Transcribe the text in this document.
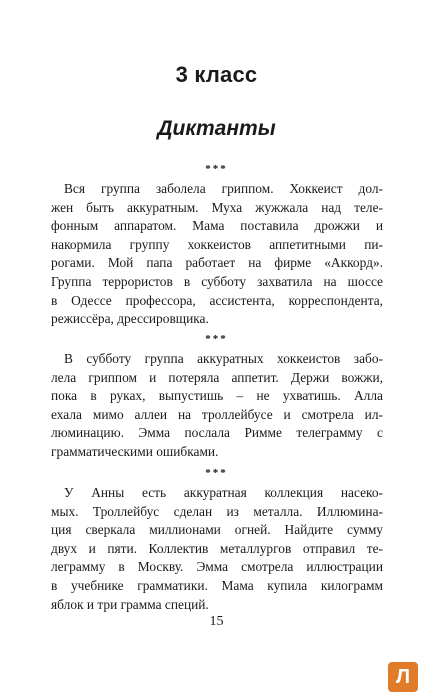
3 класс
Диктанты
***
Вся группа заболела гриппом. Хоккеист дол-
жен быть аккуратным. Муха жужжала над теле-
фонным аппаратом. Мама поставила дрожжи и
накормила группу хоккеистов аппетитными пи-
рогами. Мой папа работает на фирме «Аккорд».
Группа террористов в субботу захватила на шоссе
в Одессе профессора, ассистента, корреспондента,
режиссёра, дрессировщика.
***
В субботу группа аккуратных хоккеистов забо-
лела гриппом и потеряла аппетит. Держи вожжи,
пока в руках, выпустишь – не ухватишь. Алла
ехала мимо аллеи на троллейбусе и смотрела ил-
люминацию. Эмма послала Римме телеграмму с
грамматическими ошибками.
***
У Анны есть аккуратная коллекция насеко-
мых. Троллейбус сделан из металла. Иллюмина-
ция сверкала миллионами огней. Найдите сумму
двух и пяти. Коллектив металлургов отправил те-
леграмму в Москву. Эмма смотрела иллюстрации
в учебнике грамматики. Мама купила килограмм
яблок и три грамма специй.
15
Л
